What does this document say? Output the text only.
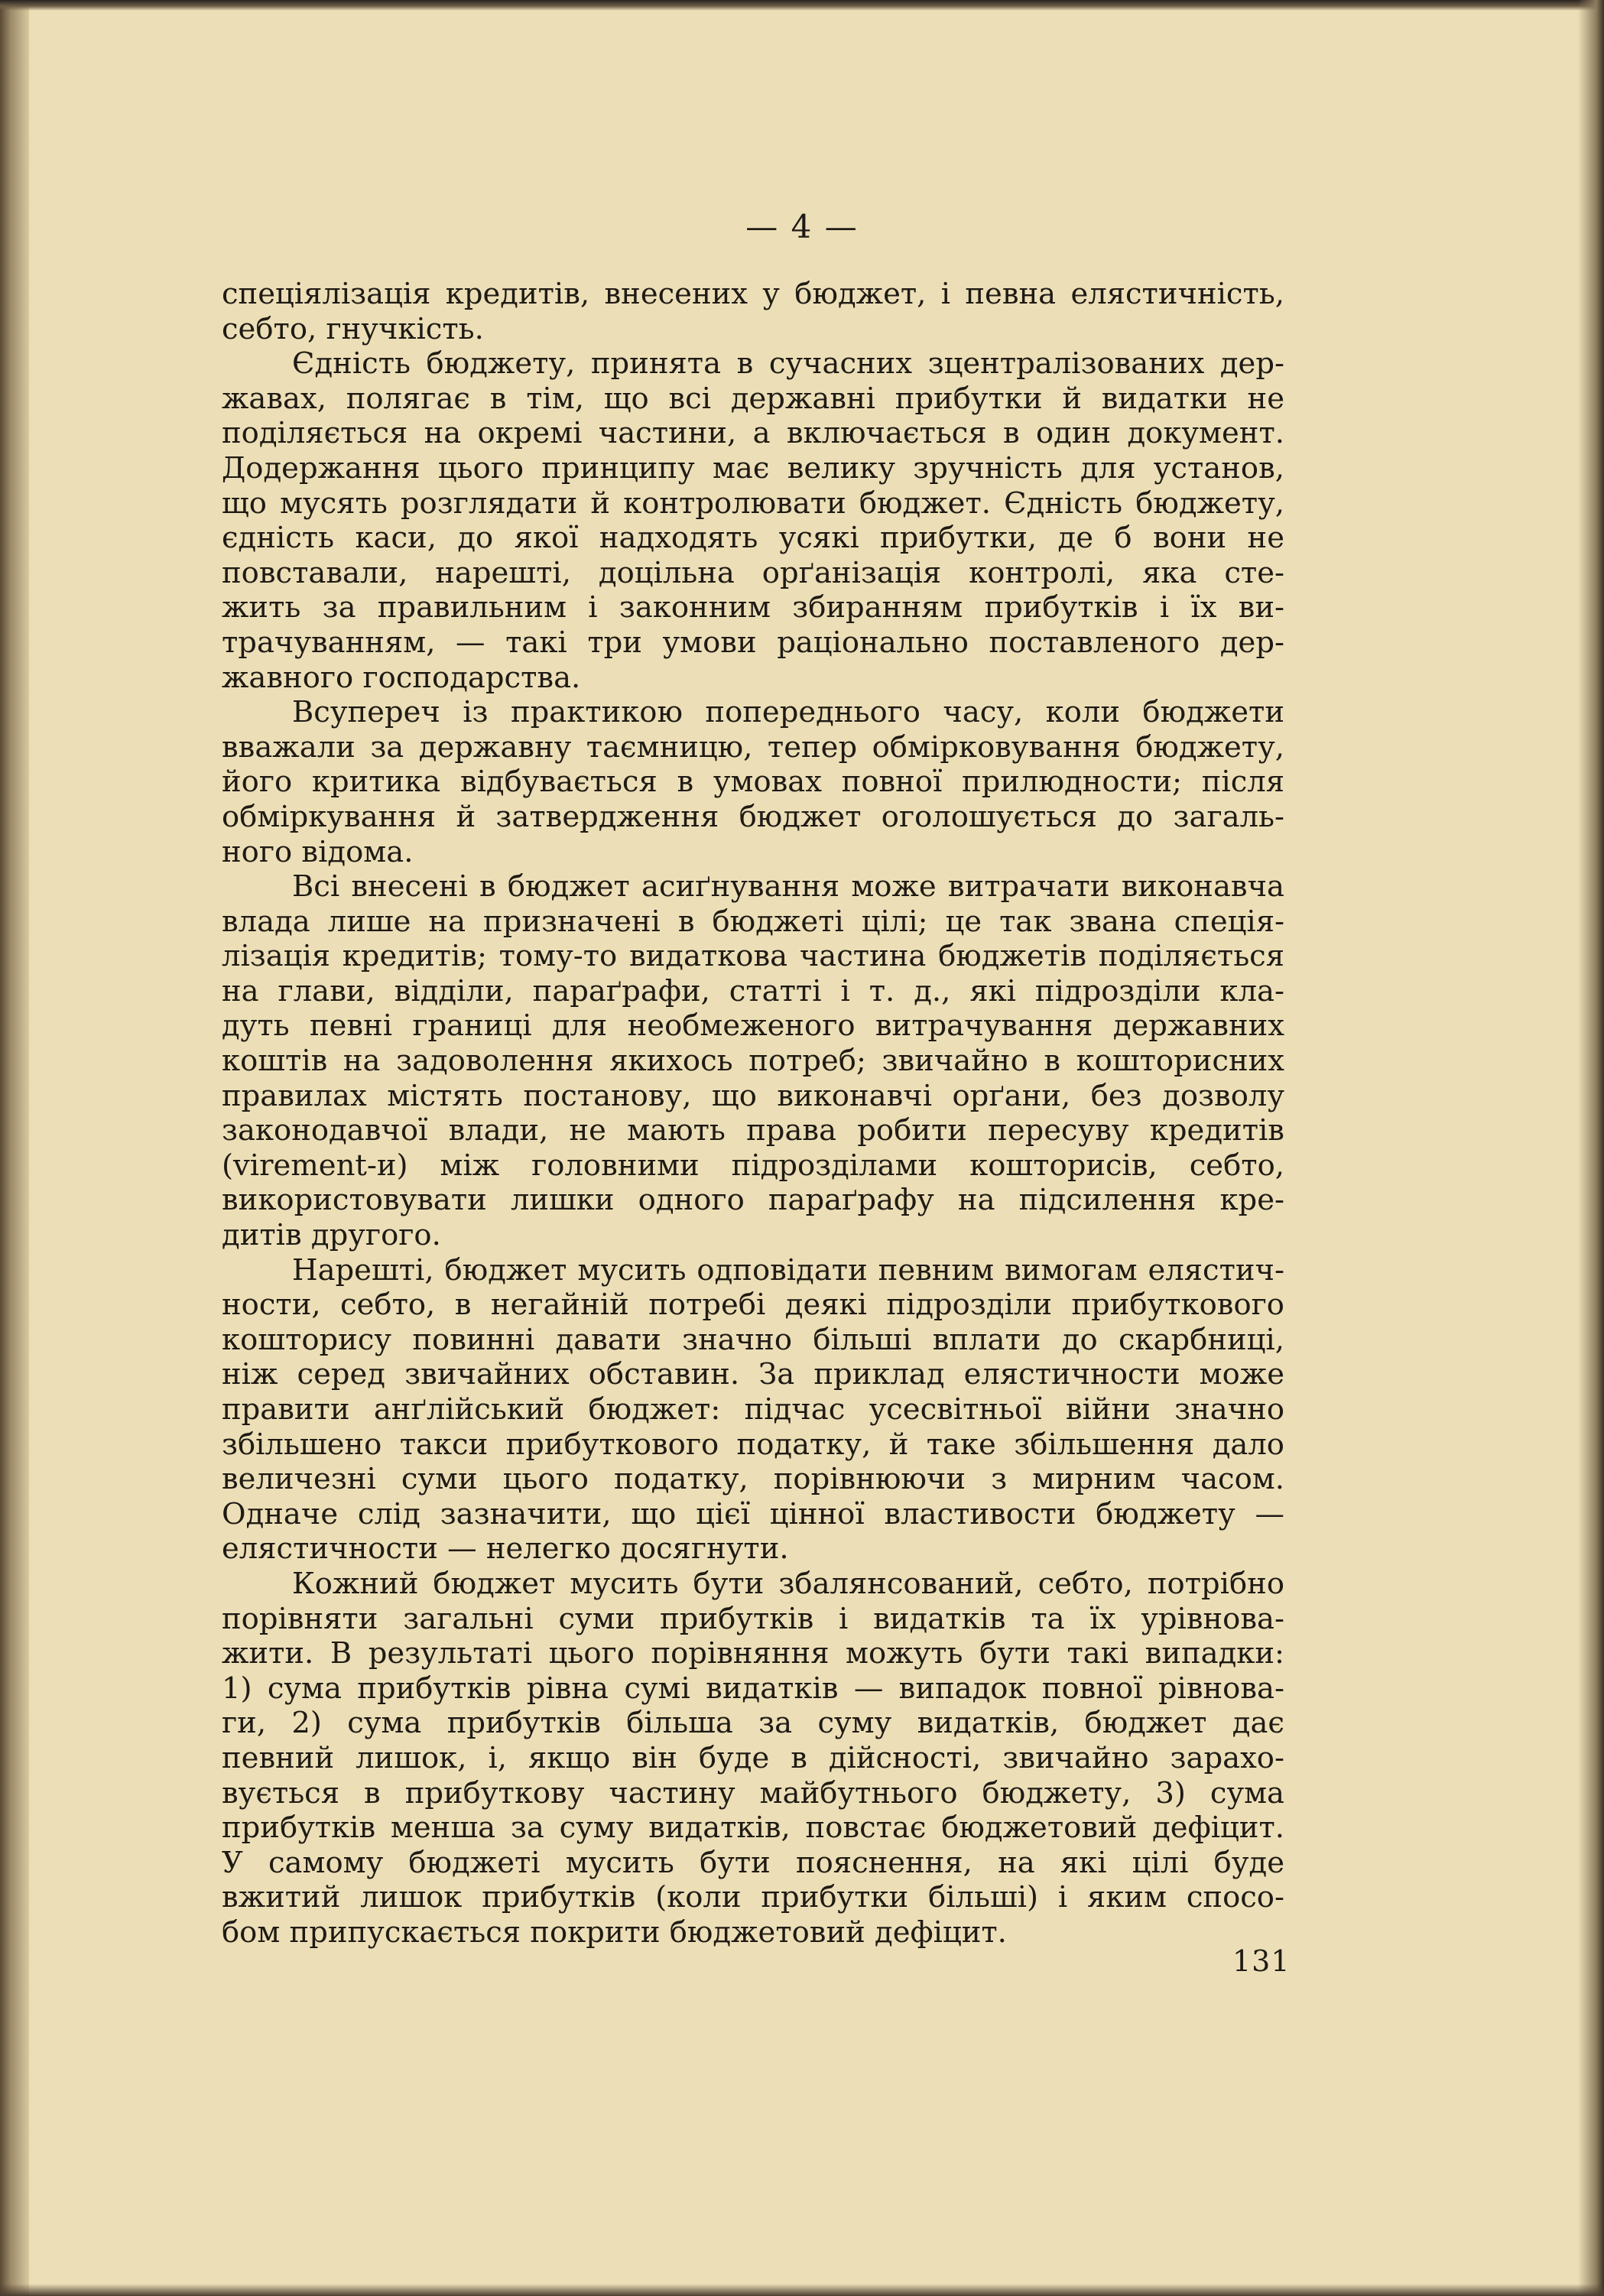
— 4 —
спеціялізація кредитів, внесених у бюджет, і певна елястичність,
себто, гнучкість.
Єдність бюджету, принята в сучасних зцентралізованих дер-
жавах, полягає в тім, що всі державні прибутки й видатки не
поділяється на окремі частини, а включається в один документ.
Додержання цього принципу має велику зручність для установ,
що мусять розглядати й контролювати бюджет. Єдність бюджету,
єдність каси, до якої надходять усякі прибутки, де б вони не
повставали, нарешті, доцільна орґанізація контролі, яка сте-
жить за правильним і законним збиранням прибутків і їх ви-
трачуванням, — такі три умови раціонально поставленого дер-
жавного господарства.
Всупереч із практикою попереднього часу, коли бюджети
вважали за державну таємницю, тепер обмірковування бюджету,
його критика відбувається в умовах повної прилюдности; після
обміркування й затвердження бюджет оголошується до загаль-
ного відома.
Всі внесені в бюджет асиґнування може витрачати виконавча
влада лише на призначені в бюджеті цілі; це так звана спеція-
лізація кредитів; тому-то видаткова частина бюджетів поділяється
на глави, відділи, параґрафи, статті і т. д., які підрозділи кла-
дуть певні границі для необмеженого витрачування державних
коштів на задоволення якихось потреб; звичайно в кошторисних
правилах містять постанову, що виконавчі орґани, без дозволу
законодавчої влади, не мають права робити пересуву кредитів
(virement-и) між головними підрозділами кошторисів, себто,
використовувати лишки одного параґрафу на підсилення кре-
дитів другого.
Нарешті, бюджет мусить одповідати певним вимогам елястич-
ности, себто, в негайній потребі деякі підрозділи прибуткового
кошторису повинні давати значно більші вплати до скарбниці,
ніж серед звичайних обставин. За приклад елястичности може
правити анґлійський бюджет: підчас усесвітньої війни значно
збільшено такси прибуткового податку, й таке збільшення дало
величезні суми цього податку, порівнюючи з мирним часом.
Одначе слід зазначити, що цієї цінної властивости бюджету —
елястичности — нелегко досягнути.
Кожний бюджет мусить бути збалянсований, себто, потрібно
порівняти загальні суми прибутків і видатків та їх урівнова-
жити. В результаті цього порівняння можуть бути такі випадки:
1) сума прибутків рівна сумі видатків — випадок повної рівнова-
ги, 2) сума прибутків більша за суму видатків, бюджет дає
певний лишок, і, якщо він буде в дійсності, звичайно зарахо-
вується в прибуткову частину майбутнього бюджету, 3) сума
прибутків менша за суму видатків, повстає бюджетовий дефіцит.
У самому бюджеті мусить бути пояснення, на які цілі буде
вжитий лишок прибутків (коли прибутки більші) і яким спосо-
бом припускається покрити бюджетовий дефіцит.
131
